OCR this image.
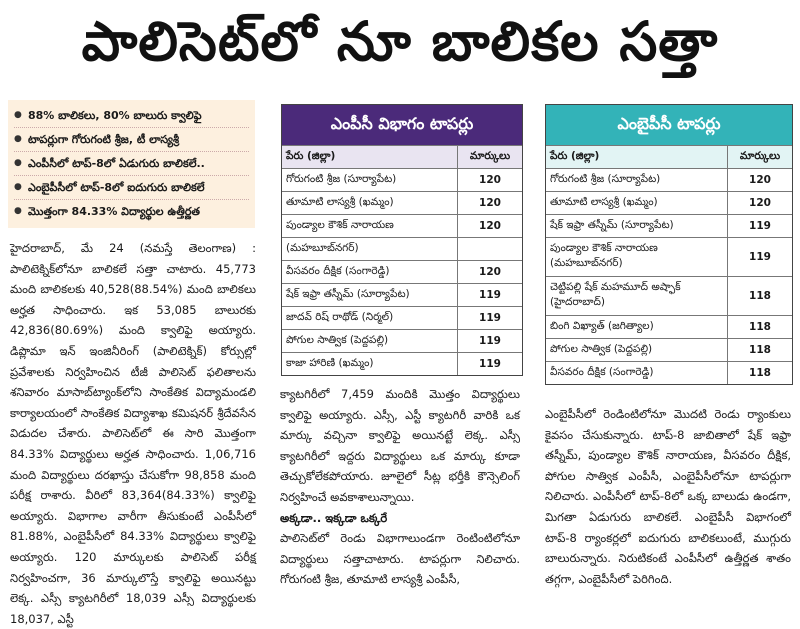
పాలిసెట్‌లో నూ బాలికల సత్తా
● 88% బాలికలు, 80% బాలురు క్వాలిఫై
● టాపర్లుగా గోరుగంటి శ్రీజ, టీ లాస్యశ్రీ
● ఎంపీసీలో టాప్‌-8లో ఏడుగురు బాలికలే..
● ఎంబైపీసీలో టాప్‌-8లో ఐదుగురు బాలికలే
● మొత్తంగా 84.33% విద్యార్థుల ఉత్తీర్ణత

హైదరాబాద్‌, మే 24 (నమస్తే తెలంగాణ) : పాలిటెక్నిక్‌లోనూ బాలికలే సత్తా చాటారు. 45,773 మంది బాలికలకు 40,528(88.54%) మంది బాలికలు అర్హత సాధించారు. ఇక 53,085 బాలురకు 42,836(80.69%) మంది క్వాలిఫై అయ్యారు. డిప్లొమా ఇన్‌ ఇంజినీరింగ్‌ (పాలిటెక్నిక్‌) కోర్సుల్లో ప్రవేశాలకు నిర్వహించిన టీజీ పాలిసెట్‌ ఫలితాలను శనివారం మాసాబ్‌ట్యాంక్‌లోని సాంకేతిక విద్యామండలి కార్యాలయంలో సాంకేతిక విద్యాశాఖ కమిషనర్‌ శ్రీదేవసేన విడుదల చేశారు. పాలిసెట్‌లో ఈ సారి మొత్తంగా 84.33% విద్యార్థులు అర్హత సాధించారు. 1,06,716 మంది విద్యార్థులు దరఖాస్తు చేసుకోగా 98,858 మంది పరీక్ష రాశారు. వీరిలో 83,364(84.33%) క్వాలిఫై అయ్యారు. విభాగాల వారీగా తీసుకుంటే ఎంపీసీలో 81.88%, ఎంబైపీసీలో 84.33% విద్యార్థులు క్వాలిఫై అయ్యారు. 120 మార్కులకు పాలిసెట్‌ పరీక్ష నిర్వహించగా, 36 మార్కులొస్తే క్వాలిఫై అయినట్టు లెక్క. ఎస్సీ క్యాటగిరీలో 18,039 ఎస్సీ విద్యార్థులకు 18,037, ఎస్టీ

ఎంపీసీ విభాగం టాపర్లు
పేరు (జిల్లా)	మార్కులు
గోరుగంటి శ్రీజ (సూర్యాపేట)	120
తూమాటి లాస్యశ్రీ (ఖమ్మం)	120
పుండ్యాల కౌశిక్‌ నారాయణ	120
(మహబూబ్‌నగర్‌)	
వీసవరం దీక్షిక (సంగారెడ్డి)	120
షేక్‌ ఇఫ్రా తస్నీమ్‌ (సూర్యాపేట)	119
జాదవ్‌ రిష్‌ రాథోడ్ (నిర్మల్‌)	119
పోగుల సాత్విక (పెద్దపల్లి)	119
కాజా హారిణి (ఖమ్మం)	119

క్యాటగిరీలో 7,459 మందికి మొత్తం విద్యార్థులు క్వాలిఫై అయ్యారు. ఎస్సీ, ఎస్టీ క్యాటగిరీ వారికి ఒక మార్కు వచ్చినా క్వాలిఫై అయినట్టే లెక్క. ఎస్సీ క్యాటగిరీలో ఇద్దరు విద్యార్థులు ఒక మార్కు కూడా తెచ్చుకోలేకపోయారు. జూలైలో సీట్ల భర్తీకి కౌన్సెలింగ్‌ నిర్వహించే అవకాశాలున్నాయి.

అక్కడా.. ఇక్కడా ఒక్కరే

పాలిసెట్‌లో రెండు విభాగాలుండగా రెంటింటిలోనూ విద్యార్థులు సత్తాచాటారు. టాపర్లుగా నిలిచారు. గోరుగంటి శ్రీజ, తూమాటి లాస్యశ్రీ ఎంపీసీ,

ఎంబైపీసీ టాపర్లు
పేరు (జిల్లా)	మార్కులు
గోరుగంటి శ్రీజ (సూర్యాపేట)	120
తూమాటి లాస్యశ్రీ (ఖమ్మం)	120
షేక్‌ ఇఫ్రా తస్నీమ్‌ (సూర్యాపేట)	119
పుండ్యాల కౌశిక్‌ నారాయణ
(మహబూబ్‌నగర్‌)	119
చెట్టిపల్లి షేక్‌ మహమూద్‌ అష్ఫాక్‌
(హైదరాబాద్‌)	118
బింగి విఖ్యాత్‌ (జగిత్యాల)	118
పోగుల సాత్విక (పెద్దపల్లి)	118
వీసవరం దీక్షిక (సంగారెడ్డి)	118

ఎంబైపీసీలో రెండింటిలోనూ మొదటి రెండు ర్యాంకులు కైవసం చేసుకున్నారు. టాప్‌-8 జాబితాలో షేక్‌ ఇఫ్రా తస్నీమ్‌, పుండ్యాల కౌశిక్‌ నారాయణ, వీసవరం దీక్షిక, పోగుల సాత్విక ఎంపీసీ, ఎంబైపీసీలోనూ టాపర్లుగా నిలిచారు. ఎంపీసీలో టాప్‌-8లో ఒక్క బాలుడు ఉండగా, మిగతా ఏడుగురు బాలికలే. ఎంబైపీసీ విభాగంలో టాప్‌-8 ర్యాంకర్లలో ఐదుగురు బాలికలుంటే, ముగ్గురు బాలురున్నారు. నిరుటికంటే ఎంపీసీలో ఉత్తీర్ణత శాతం తగ్గగా, ఎంబైపీసీలో పెరిగింది.
